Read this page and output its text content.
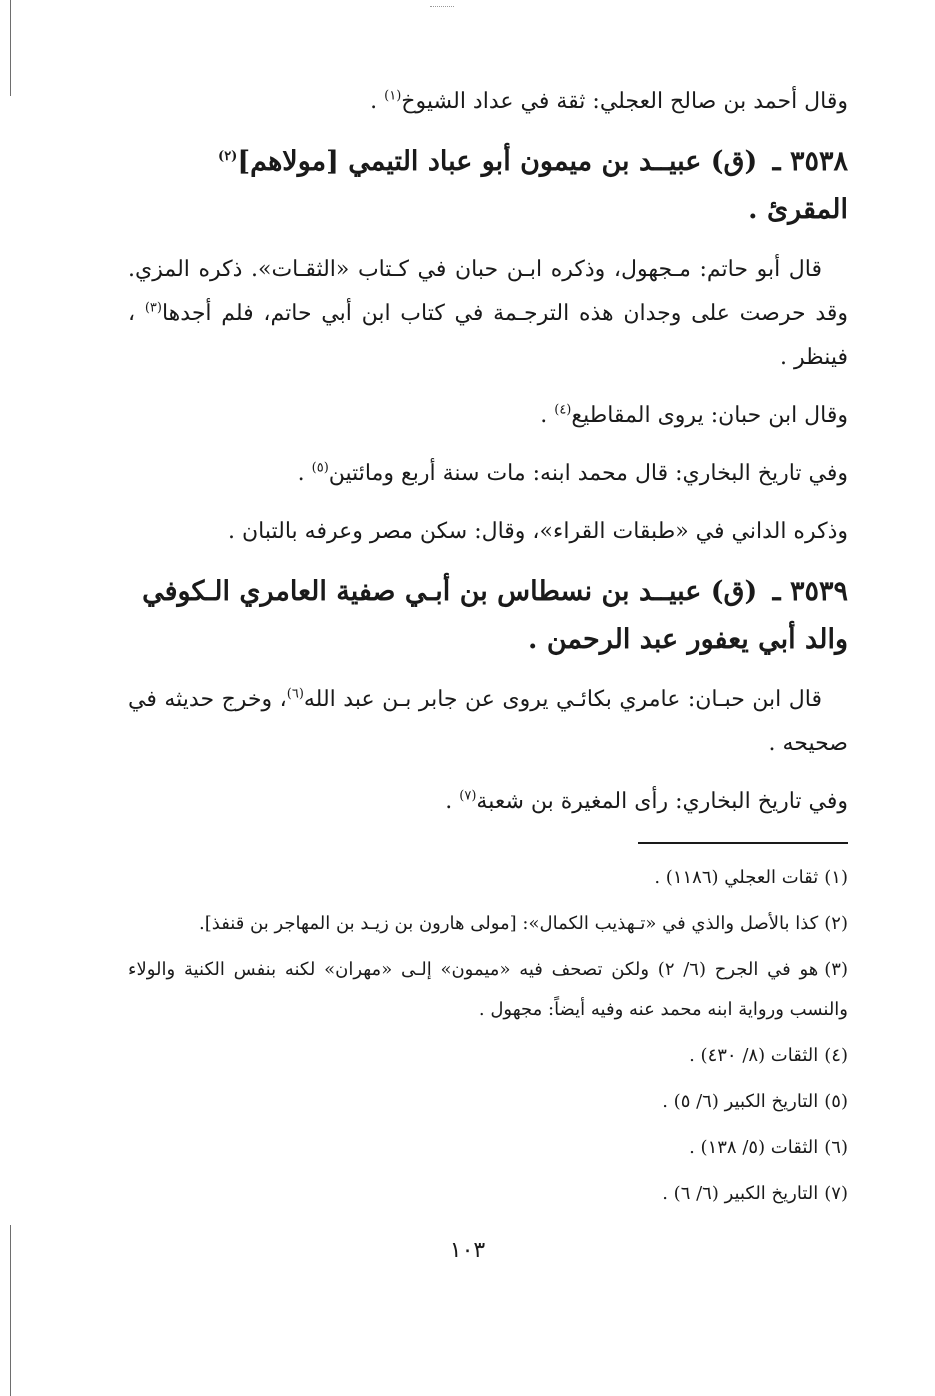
وقال أحمد بن صالح العجلي: ثقة في عداد الشيوخ$^{(١)}$ .

٣٥٣٨ ـ (ق) عبيــد بن ميمون أبو عباد التيمي [مولاهم]$^{(٢)}$ المقرئ .

قال أبو حاتم: مـجهول، وذكره ابـن حبان في كـتاب «الثقـات». ذكره المزي. وقد حرصت على وجدان هذه الترجـمة في كتاب ابن أبي حاتم، فلم أجدها$^{(٣)}$ ، فينظر .

وقال ابن حبان: يروى المقاطيع$^{(٤)}$ .

وفي تاريخ البخاري: قال محمد ابنه: مات سنة أربع ومائتين$^{(٥)}$ .

وذكره الداني في «طبقات القراء»، وقال: سكن مصر وعرفه بالتبان .

٣٥٣٩ ـ (ق) عبيــد بن نسطاس بن أبـي صفية العامري الـكوفي والد أبي يعفور عبد الرحمن .

قال ابن حبـان: عامري بكائـي يروى عن جابر بـن عبد الله$^{(٦)}$، وخرج حديثه في صحيحه .

وفي تاريخ البخاري: رأى المغيرة بن شعبة$^{(٧)}$ .

(١)ثقات العجلي (١١٨٦) .

(٢)كذا بالأصل والذي في «تـهذيب الكمال»: [مولى هارون بن زيـد بن المهاجر بن قنفذ].

(٣)هو في الجرح (٦/ ٢) ولكن تصحف فيه «ميمون» إلـى «مهران» لكنه بنفس الكنية والولاء والنسب ورواية ابنه محمد عنه وفيه أيضاً: مجهول .

(٤)الثقات (٨/ ٤٣٠) .

(٥)التاريخ الكبير (٦/ ٥) .

(٦)الثقات (٥/ ١٣٨) .

(٧)التاريخ الكبير (٦/ ٦) .

١٠٣
